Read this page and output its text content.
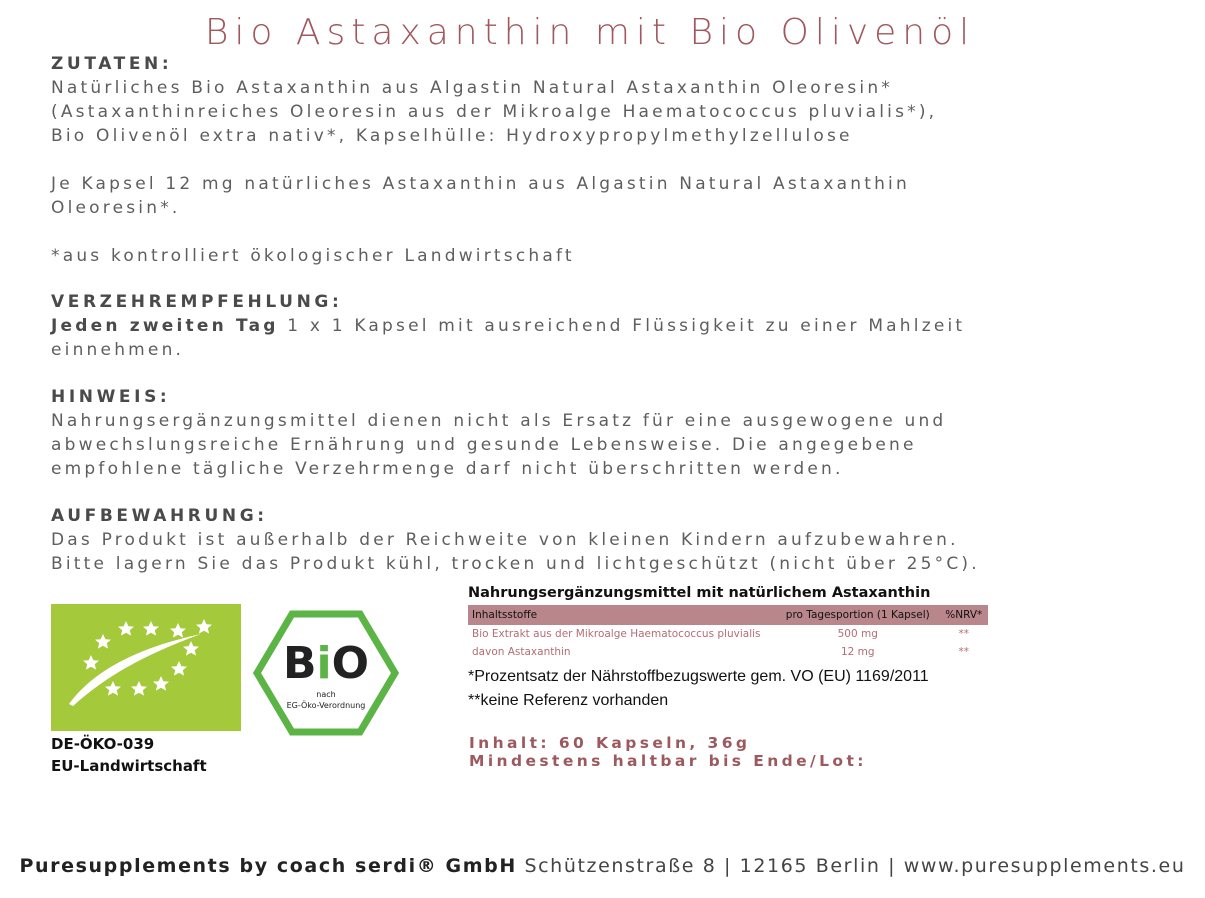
Bio Astaxanthin mit Bio Olivenöl
ZUTATEN:
Natürliches Bio Astaxanthin aus Algastin Natural Astaxanthin Oleoresin*
(Astaxanthinreiches Oleoresin aus der Mikroalge Haematococcus pluvialis*),
Bio Olivenöl extra nativ*, Kapselhülle: Hydroxypropylmethylzellulose
Je Kapsel 12 mg natürliches Astaxanthin aus Algastin Natural Astaxanthin
Oleoresin*.
*aus kontrolliert ökologischer Landwirtschaft
VERZEHREMPFEHLUNG:
Jeden zweiten Tag 1 x 1 Kapsel mit ausreichend Flüssigkeit zu einer Mahlzeit
einnehmen.
HINWEIS:
Nahrungsergänzungsmittel dienen nicht als Ersatz für eine ausgewogene und
abwechslungsreiche Ernährung und gesunde Lebensweise. Die angegebene
empfohlene tägliche Verzehrmenge darf nicht überschritten werden.
AUFBEWAHRUNG:
Das Produkt ist außerhalb der Reichweite von kleinen Kindern aufzubewahren.
Bitte lagern Sie das Produkt kühl, trocken und lichtgeschützt (nicht über 25°C).
DE-ÖKO-039
EU-Landwirtschaft
BiO
nach
EG-Öko-Verordnung
Nahrungsergänzungsmittel mit natürlichem Astaxanthin
Inhaltsstoffe	pro Tagesportion (1 Kapsel)	%NRV*
Bio Extrakt aus der Mikroalge Haematococcus pluvialis	500 mg	**
davon Astaxanthin	12 mg	**
*Prozentsatz der Nährstoffbezugswerte gem. VO (EU) 1169/2011
**keine Referenz vorhanden
Inhalt: 60 Kapseln, 36g
Mindestens haltbar bis Ende/Lot:
Puresupplements by coach serdi® GmbH Schützenstraße 8 | 12165 Berlin | www.puresupplements.eu
